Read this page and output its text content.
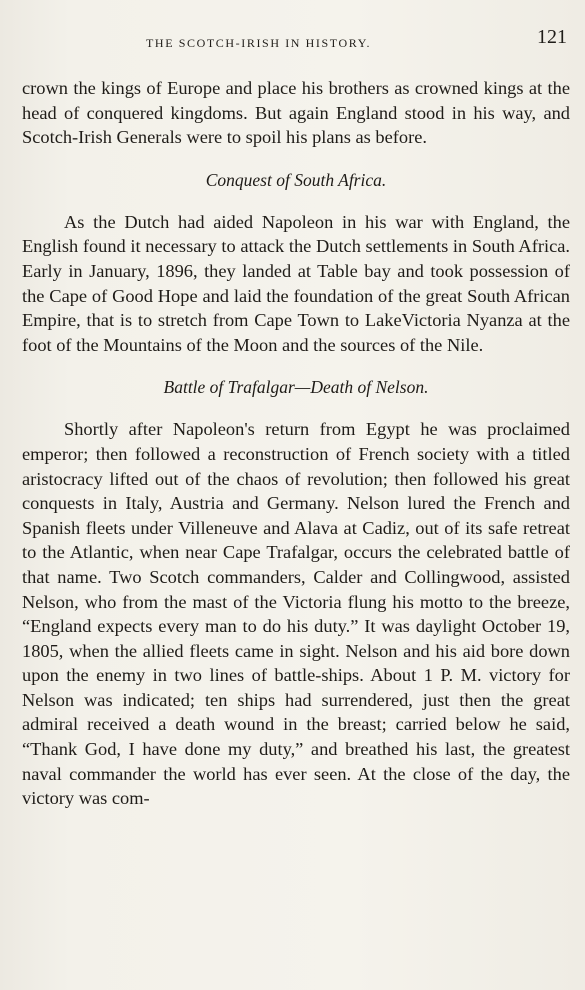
THE SCOTCH-IRISH IN HISTORY.	121

crown the kings of Europe and place his brothers as crowned kings at the head of conquered kingdoms. But again England stood in his way, and Scotch-Irish Generals were to spoil his plans as before.

Conquest of South Africa.

As the Dutch had aided Napoleon in his war with England, the English found it necessary to attack the Dutch settlements in South Africa. Early in January, 1896, they landed at Table bay and took possession of the Cape of Good Hope and laid the foundation of the great South African Empire, that is to stretch from Cape Town to LakeVictoria Nyanza at the foot of the Mountains of the Moon and the sources of the Nile.

Battle of Trafalgar—Death of Nelson.

Shortly after Napoleon's return from Egypt he was proclaimed emperor; then followed a reconstruction of French society with a titled aristocracy lifted out of the chaos of revolution; then followed his great conquests in Italy, Austria and Germany. Nelson lured the French and Spanish fleets under Villeneuve and Alava at Cadiz, out of its safe retreat to the Atlantic, when near Cape Trafalgar, occurs the celebrated battle of that name. Two Scotch commanders, Calder and Collingwood, assisted Nelson, who from the mast of the Victoria flung his motto to the breeze, “England expects every man to do his duty.” It was daylight October 19, 1805, when the allied fleets came in sight. Nelson and his aid bore down upon the enemy in two lines of battle-ships. About 1 P. M. victory for Nelson was indicated; ten ships had surrendered, just then the great admiral received a death wound in the breast; carried below he said, “Thank God, I have done my duty,” and breathed his last, the greatest naval commander the world has ever seen. At the close of the day, the victory was com-
